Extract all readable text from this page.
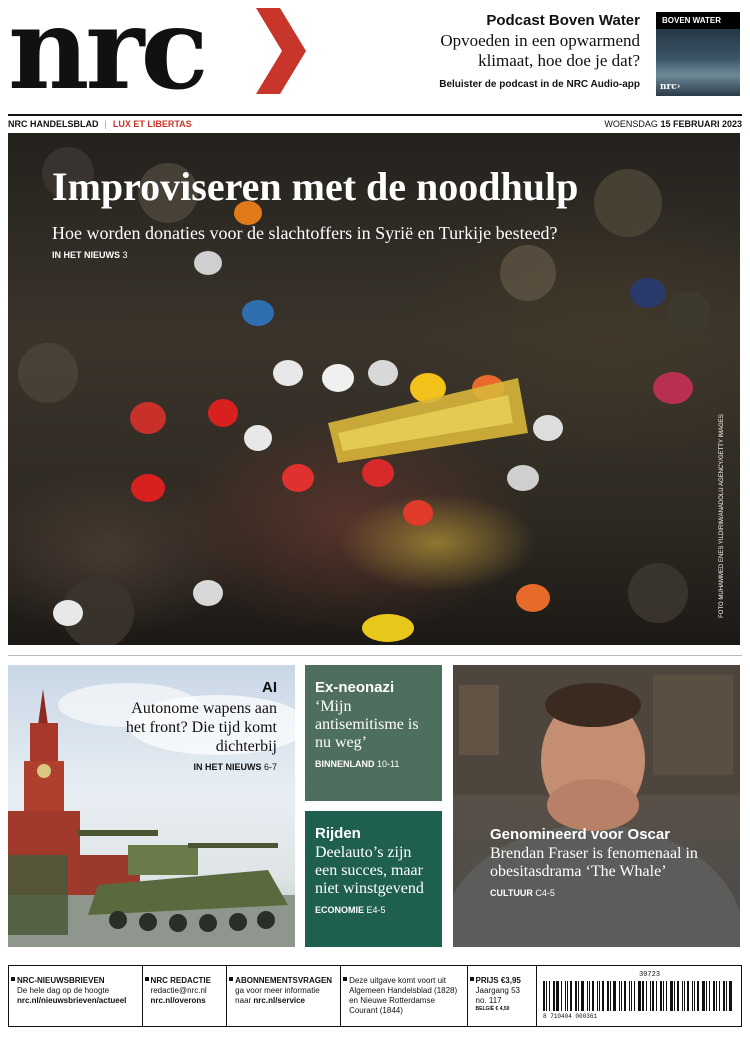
nrc	Podcast Boven Water
Opvoeden in een opwarmend klimaat, hoe doe je dat?
Beluister de podcast in de NRC Audio-app
BOVEN WATER
nrc›
NRC HANDELSBLAD | LUX ET LIBERTAS	WOENSDAG 15 FEBRUARI 2023
Improviseren met de noodhulp
Hoe worden donaties voor de slachtoffers in Syrië en Turkije besteed?
IN HET NIEUWS 3
FOTO MUHAMMED ENES YILDIRIM/ANADOLU AGENCY/GETTY IMAGES
AI
Autonome wapens aan het front? Die tijd komt dichterbij
IN HET NIEUWS 6-7
Ex-neonazi
‘Mijn antisemitisme is nu weg’
BINNENLAND 10-11
Rijden
Deelauto’s zijn een succes, maar niet winstgevend
ECONOMIE E4-5
Genomineerd voor Oscar
Brendan Fraser is fenomenaal in obesitasdrama ‘The Whale’
CULTUUR C4-5
NRC-NIEUWSBRIEVEN
De hele dag op de hoogte
nrc.nl/nieuwsbrieven/actueel
NRC REDACTIE
redactie@nrc.nl
nrc.nl/overons
ABONNEMENTSVRAGEN
ga voor meer informatie
naar nrc.nl/service
Deze uitgave komt voort uit Algemeen Handelsblad (1828) en Nieuwe Rotterdamse Courant (1844)
PRIJS €3,95
Jaargang 53
no. 117
BELGIË € 4,50
30723
8 710404 000361
